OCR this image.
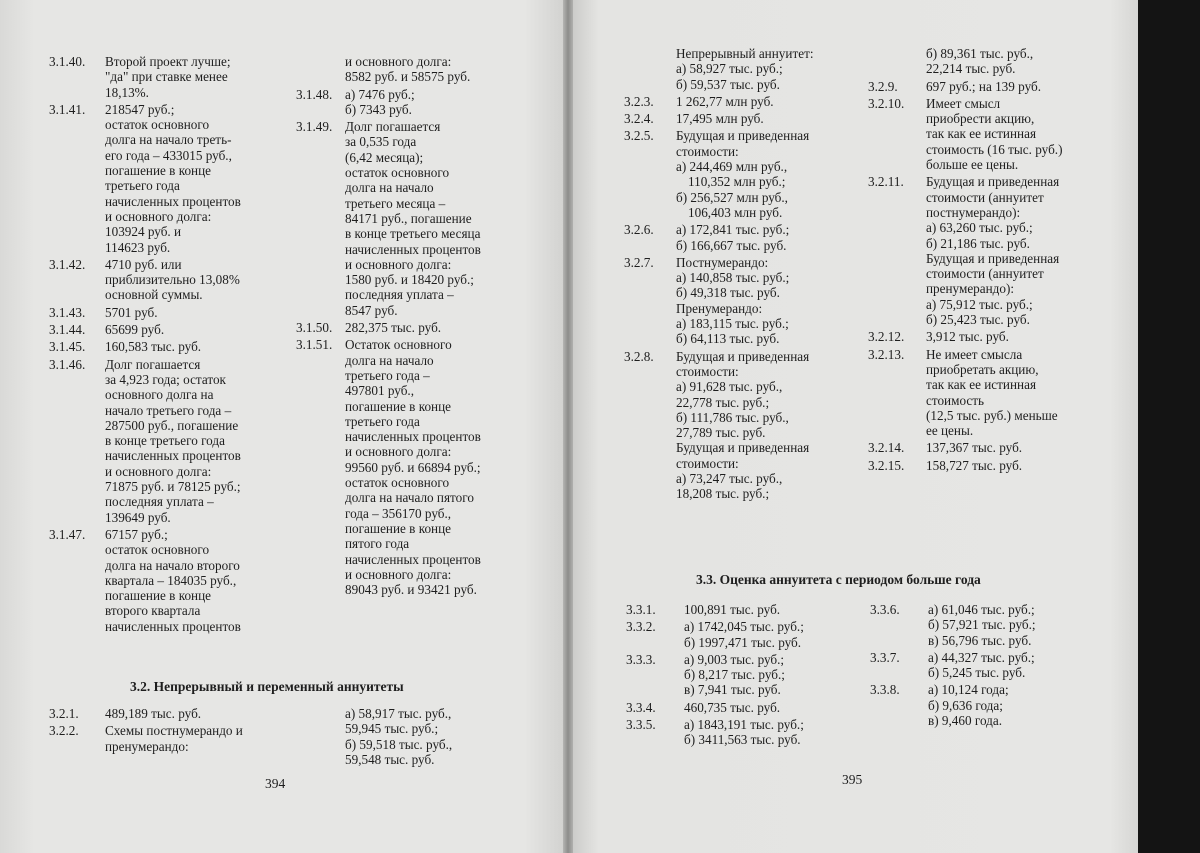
3.1.40.	Второй проект лучше;
"да" при ставке менее
18,13%.
3.1.41.	218547 руб.;
остаток основного
долга на начало треть-
его года – 433015 руб.,
погашение в конце
третьего года
начисленных процентов
и основного долга:
103924 руб. и
114623 руб.
3.1.42.	4710 руб. или
приблизительно 13,08%
основной суммы.
3.1.43.	5701 руб.
3.1.44.	65699 руб.
3.1.45.	160,583 тыс. руб.
3.1.46.	Долг погашается
за 4,923 года; остаток
основного долга на
начало третьего года –
287500 руб., погашение
в конце третьего года
начисленных процентов
и основного долга:
71875 руб. и 78125 руб.;
последняя уплата –
139649 руб.
3.1.47.	67157 руб.;
остаток основного
долга на начало второго
квартала – 184035 руб.,
погашение в конце
второго квартала
начисленных процентов
и основного долга:
8582 руб. и 58575 руб.
3.1.48. а) 7476 руб.;
б) 7343 руб.
3.1.49. Долг погашается
за 0,535 года
(6,42 месяца);
остаток основного
долга на начало
третьего месяца –
84171 руб., погашение
в конце третьего месяца
начисленных процентов
и основного долга:
1580 руб. и 18420 руб.;
последняя уплата –
8547 руб.
3.1.50. 282,375 тыс. руб.
3.1.51. Остаток основного
долга на начало
третьего года –
497801 руб.,
погашение в конце
третьего года
начисленных процентов
и основного долга:
99560 руб. и 66894 руб.;
остаток основного
долга на начало пятого
года – 356170 руб.,
погашение в конце
пятого года
начисленных процентов
и основного долга:
89043 руб. и 93421 руб.
3.2. Непрерывный и переменный аннуитеты
3.2.1.	489,189 тыс. руб.
3.2.2.	Схемы постнумерандо и
пренумерандо:
а) 58,917 тыс. руб.,
59,945 тыс. руб.;
б) 59,518 тыс. руб.,
59,548 тыс. руб.
394
Непрерывный аннуитет:
а) 58,927 тыс. руб.;
б) 59,537 тыс. руб.
3.2.3.	1 262,77 млн руб.
3.2.4.	17,495 млн руб.
3.2.5.	Будущая и приведенная
стоимости:
а) 244,469 млн руб.,
110,352 млн руб.;
б) 256,527 млн руб.,
106,403 млн руб.
3.2.6.	а) 172,841 тыс. руб.;
б) 166,667 тыс. руб.
3.2.7.	Постнумерандо:
а) 140,858 тыс. руб.;
б) 49,318 тыс. руб.
Пренумерандо:
а) 183,115 тыс. руб.;
б) 64,113 тыс. руб.
3.2.8.	Будущая и приведенная
стоимости:
а) 91,628 тыс. руб.,
22,778 тыс. руб.;
б) 111,786 тыс. руб.,
27,789 тыс. руб.
Будущая и приведенная
стоимости:
а) 73,247 тыс. руб.,
18,208 тыс. руб.;
б) 89,361 тыс. руб.,
22,214 тыс. руб.
3.2.9.	697 руб.; на 139 руб.
3.2.10.	Имеет смысл
приобрести акцию,
так как ее истинная
стоимость (16 тыс. руб.)
больше ее цены.
3.2.11.	Будущая и приведенная
стоимости (аннуитет
постнумерандо):
а) 63,260 тыс. руб.;
б) 21,186 тыс. руб.
Будущая и приведенная
стоимости (аннуитет
пренумерандо):
а) 75,912 тыс. руб.;
б) 25,423 тыс. руб.
3.2.12.	3,912 тыс. руб.
3.2.13.	Не имеет смысла
приобретать акцию,
так как ее истинная
стоимость
(12,5 тыс. руб.) меньше
ее цены.
3.2.14.	137,367 тыс. руб.
3.2.15.	158,727 тыс. руб.
3.3. Оценка аннуитета с периодом больше года
3.3.1.	100,891 тыс. руб.
3.3.2.	а) 1742,045 тыс. руб.;
б) 1997,471 тыс. руб.
3.3.3.	а) 9,003 тыс. руб.;
б) 8,217 тыс. руб.;
в) 7,941 тыс. руб.
3.3.4.	460,735 тыс. руб.
3.3.5.	а) 1843,191 тыс. руб.;
б) 3411,563 тыс. руб.
3.3.6.	а) 61,046 тыс. руб.;
б) 57,921 тыс. руб.;
в) 56,796 тыс. руб.
3.3.7.	а) 44,327 тыс. руб.;
б) 5,245 тыс. руб.
3.3.8.	а) 10,124 года;
б) 9,636 года;
в) 9,460 года.
395
